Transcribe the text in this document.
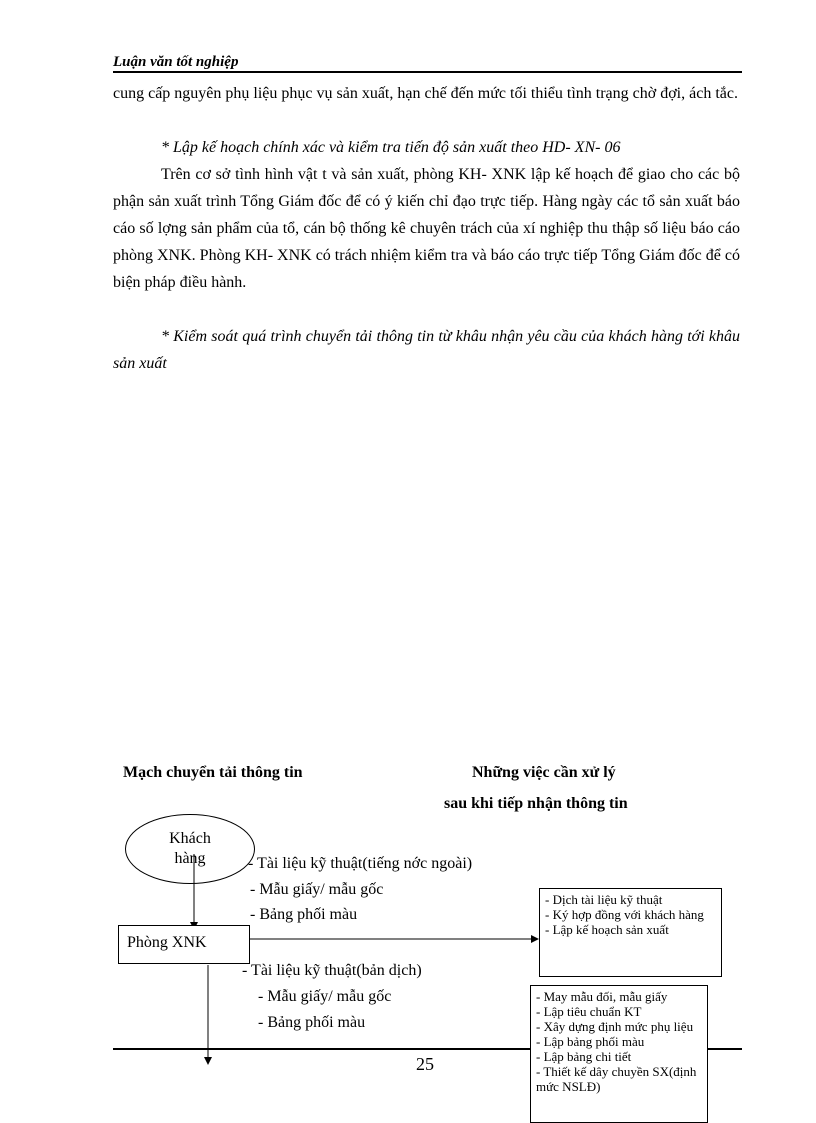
Luận văn tốt nghiệp

cung cấp nguyên phụ liệu phục vụ sản xuất, hạn chế đến mức tối thiểu tình trạng chờ đợi, ách tắc.

* Lập kế hoạch chính xác và kiểm tra tiến độ sản xuất theo HD- XN- 06

Trên cơ sở tình hình vật t và sản xuất, phòng KH- XNK lập kế hoạch để giao cho các bộ phận sản xuất trình Tổng Giám đốc để có ý kiến chỉ đạo trực tiếp. Hàng ngày các tổ sản xuất báo cáo số lợng sản phẩm của tổ, cán bộ thống kê chuyên trách của xí nghiệp thu thập số liệu báo cáo phòng XNK. Phòng KH- XNK có trách nhiệm kiểm tra và báo cáo trực tiếp Tổng Giám đốc để có biện pháp điều hành.

* Kiểm soát quá trình chuyển tải thông tin từ khâu nhận yêu cầu của khách hàng tới khâu sản xuất

Mạch chuyển tải thông tin	Những việc cần xử lý
sau khi tiếp nhận thông tin
Khách
hàng	- Tài liệu kỹ thuật(tiếng nớc ngoài)
- Mẫu giấy/ mẫu gốc
- Bảng phối màu
Phòng XNK
- Dịch tài liệu kỹ thuật
- Ký hợp đồng với khách hàng
- Lập kế hoạch sản xuất
- Tài liệu kỹ thuật(bản dịch)
- Mẫu giấy/ mẫu gốc
- Bảng phối màu
- May mẫu đối, mẫu giấy
- Lập tiêu chuẩn KT
- Xây dựng định mức phụ liệu
- Lập bảng phối màu
- Lập bảng chi tiết
- Thiết kế dây chuyền SX(định mức NSLĐ)
25
